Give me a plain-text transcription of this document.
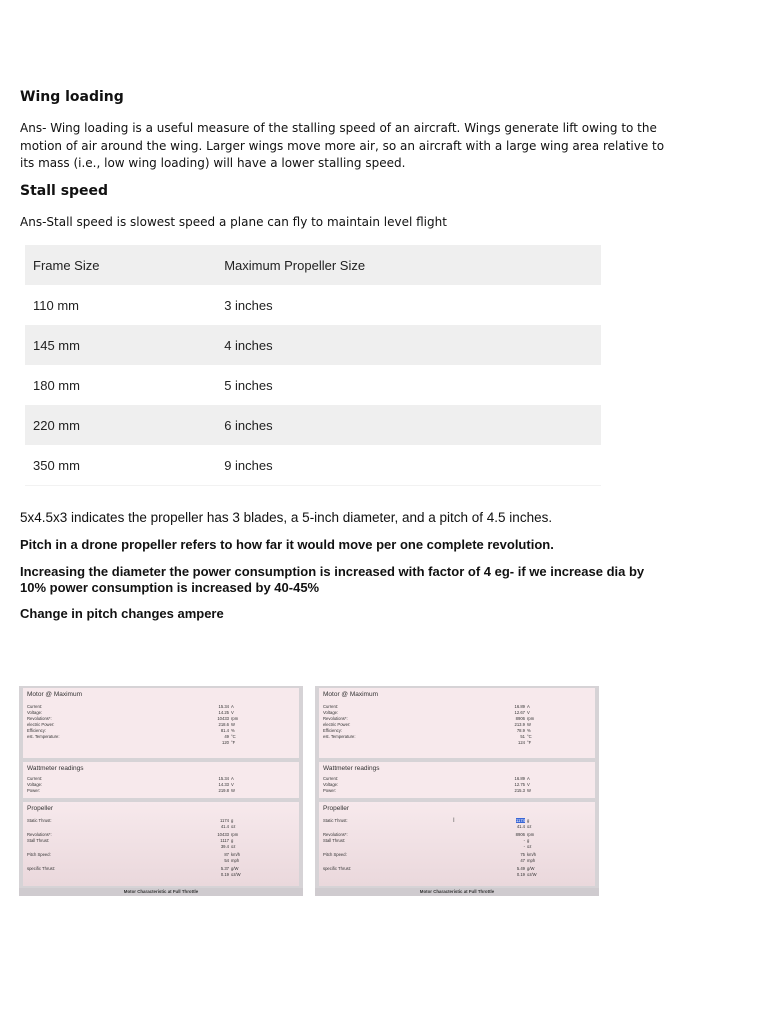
Wing loading

Ans- Wing loading is a useful measure of the stalling speed of an aircraft. Wings generate lift owing to the motion of air around the wing. Larger wings move more air, so an aircraft with a large wing area relative to its mass (i.e., low wing loading) will have a lower stalling speed.

Stall speed

Ans-Stall speed is slowest speed a plane can fly to maintain level flight

Frame Size	Maximum Propeller Size
110 mm	3 inches
145 mm	4 inches
180 mm	5 inches
220 mm	6 inches
350 mm	9 inches

5x4.5x3 indicates the propeller has 3 blades, a 5-inch diameter, and a pitch of 4.5 inches.

Pitch in a drone propeller refers to how far it would move per one complete revolution.

Increasing the diameter the power consumption is increased with factor of 4 eg- if we increase dia by 10% power consumption is increased by 40-45%

Change in pitch changes ampere

Motor @ Maximum
Current:	15.34 A
Voltage:	14.25 V
Revolutions*:	10433 rpm
electric Power:	218.6 W
Efficiency:	81.4 %
est. Temperature:	49 °C
120 °F
Wattmeter readings
Current:	15.34 A
Voltage:	14.33 V
Power:	219.8 W
Propeller
Static Thrust:	1174 g
41.4 oz
Revolutions*:	10433 rpm
Stall Thrust:	1117 g
39.4 oz
Pitch Speed:	87 km/h
54 mph
specific Thrust:	5.37 g/W
0.19 oz/W
Motor Characteristic at Full Throttle
Motor @ Maximum
Current:	16.89 A
Voltage:	12.67 V
Revolutions*:	8906 rpm
electric Power:	213.9 W
Efficiency:	78.9 %
est. Temperature:	51 °C
124 °F
Wattmeter readings
Current:	16.89 A
Voltage:	12.75 V
Power:	215.3 W
Propeller
Static Thrust:	1174 g
41.4 oz
Revolutions*:	8906 rpm
Stall Thrust:	- g
- oz
Pitch Speed:	75 km/h
47 mph
specific Thrust:	5.49 g/W
0.19 oz/W
I
Motor Characteristic at Full Throttle
